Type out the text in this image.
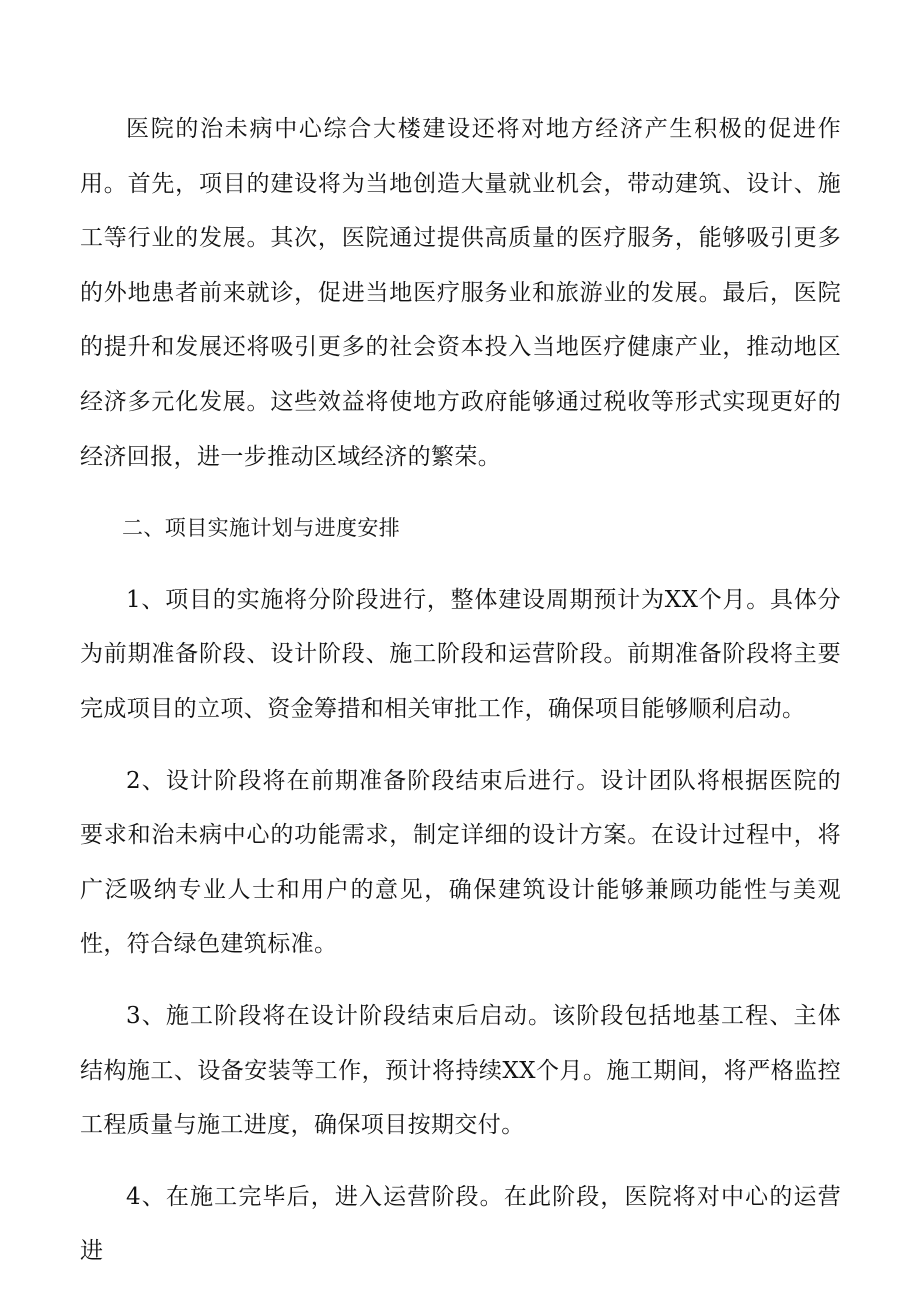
医院的治未病中心综合大楼建设还将对地方经济产生积极的促进作用。首先，项目的建设将为当地创造大量就业机会，带动建筑、设计、施工等行业的发展。其次，医院通过提供高质量的医疗服务，能够吸引更多的外地患者前来就诊，促进当地医疗服务业和旅游业的发展。最后，医院的提升和发展还将吸引更多的社会资本投入当地医疗健康产业，推动地区经济多元化发展。这些效益将使地方政府能够通过税收等形式实现更好的经济回报，进一步推动区域经济的繁荣。

二、项目实施计划与进度安排

1、项目的实施将分阶段进行，整体建设周期预计为XX个月。具体分为前期准备阶段、设计阶段、施工阶段和运营阶段。前期准备阶段将主要完成项目的立项、资金筹措和相关审批工作，确保项目能够顺利启动。

2、设计阶段将在前期准备阶段结束后进行。设计团队将根据医院的要求和治未病中心的功能需求，制定详细的设计方案。在设计过程中，将广泛吸纳专业人士和用户的意见，确保建筑设计能够兼顾功能性与美观性，符合绿色建筑标准。

3、施工阶段将在设计阶段结束后启动。该阶段包括地基工程、主体结构施工、设备安装等工作，预计将持续XX个月。施工期间，将严格监控工程质量与施工进度，确保项目按期交付。

4、在施工完毕后，进入运营阶段。在此阶段，医院将对中心的运营进
